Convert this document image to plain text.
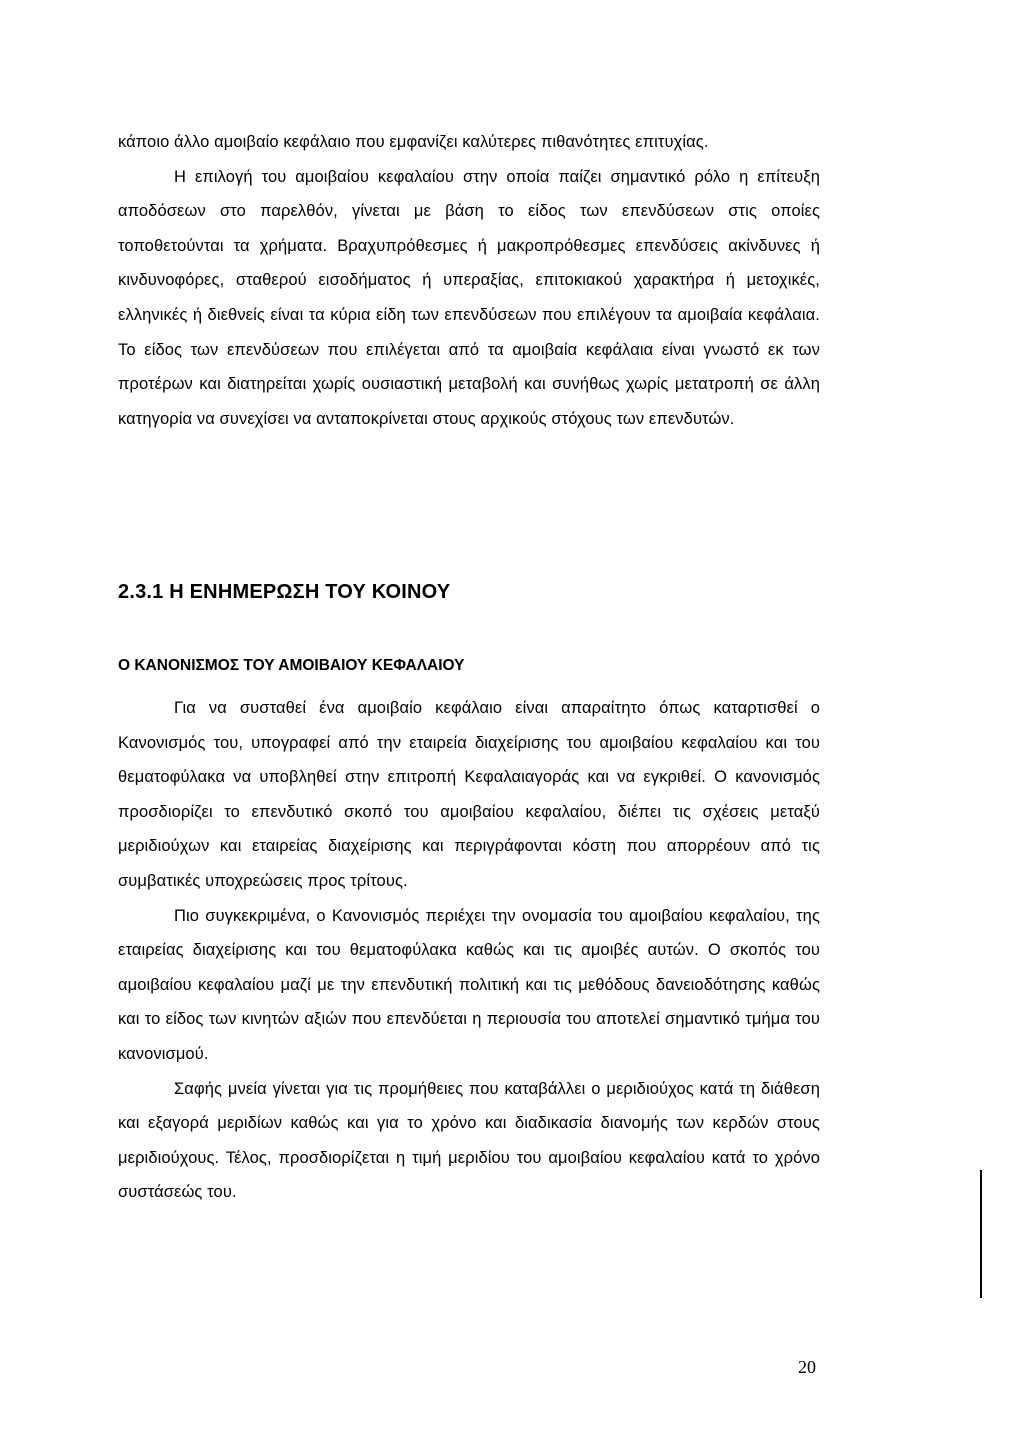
κάποιο άλλο αμοιβαίο κεφάλαιο που εμφανίζει καλύτερες πιθανότητες επιτυχίας.

Η επιλογή του αμοιβαίου κεφαλαίου στην οποία παίζει σημαντικό ρόλο η επίτευξη αποδόσεων στο παρελθόν, γίνεται με βάση το είδος των επενδύσεων στις οποίες τοποθετούνται τα χρήματα. Βραχυπρόθεσμες ή μακροπρόθεσμες επενδύσεις ακίνδυνες ή κινδυνοφόρες, σταθερού εισοδήματος ή υπεραξίας, επιτοκιακού χαρακτήρα ή μετοχικές, ελληνικές ή διεθνείς είναι τα κύρια είδη των επενδύσεων που επιλέγουν τα αμοιβαία κεφάλαια. Το είδος των επενδύσεων που επιλέγεται από τα αμοιβαία κεφάλαια είναι γνωστό εκ των προτέρων και διατηρείται χωρίς ουσιαστική μεταβολή και συνήθως χωρίς μετατροπή σε άλλη κατηγορία να συνεχίσει να ανταποκρίνεται στους αρχικούς στόχους των επενδυτών.

2.3.1 Η ΕΝΗΜΕΡΩΣΗ ΤΟΥ ΚΟΙΝΟΥ
Ο ΚΑΝΟΝΙΣΜΟΣ ΤΟΥ ΑΜΟΙΒΑΙΟΥ ΚΕΦΑΛΑΙΟΥ

Για να συσταθεί ένα αμοιβαίο κεφάλαιο είναι απαραίτητο όπως καταρτισθεί ο Κανονισμός του, υπογραφεί από την εταιρεία διαχείρισης του αμοιβαίου κεφαλαίου και του θεματοφύλακα να υποβληθεί στην επιτροπή Κεφαλαιαγοράς και να εγκριθεί. Ο κανονισμός προσδιορίζει το επενδυτικό σκοπό του αμοιβαίου κεφαλαίου, διέπει τις σχέσεις μεταξύ μεριδιούχων και εταιρείας διαχείρισης και περιγράφονται κόστη που απορρέουν από τις συμβατικές υποχρεώσεις προς τρίτους.

Πιο συγκεκριμένα, ο Κανονισμός περιέχει την ονομασία του αμοιβαίου κεφαλαίου, της εταιρείας διαχείρισης και του θεματοφύλακα καθώς και τις αμοιβές αυτών. Ο σκοπός του αμοιβαίου κεφαλαίου μαζί με την επενδυτική πολιτική και τις μεθόδους δανειοδότησης καθώς και το είδος των κινητών αξιών που επενδύεται η περιουσία του αποτελεί σημαντικό τμήμα του κανονισμού.

Σαφής μνεία γίνεται για τις προμήθειες που καταβάλλει ο μεριδιούχος κατά τη διάθεση και εξαγορά μεριδίων καθώς και για το χρόνο και διαδικασία διανομής των κερδών στους μεριδιούχους. Τέλος, προσδιορίζεται η τιμή μεριδίου του αμοιβαίου κεφαλαίου κατά το χρόνο συστάσεώς του.

20
